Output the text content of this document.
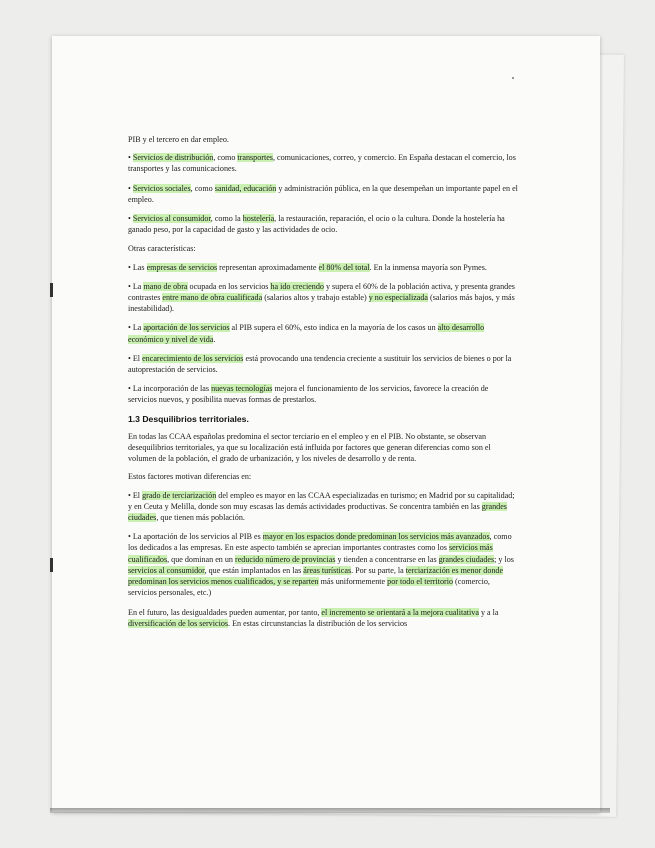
PIB y el tercero en dar empleo.

• Servicios de distribución, como transportes, comunicaciones, correo, y comercio. En España destacan el comercio, los transportes y las comunicaciones.

• Servicios sociales, como sanidad, educación y administración pública, en la que desempeñan un importante papel en el empleo.

• Servicios al consumidor, como la hostelería, la restauración, reparación, el ocio o la cultura. Donde la hostelería ha ganado peso, por la capacidad de gasto y las actividades de ocio.

Otras características:

• Las empresas de servicios representan aproximadamente el 80% del total. En la inmensa mayoría son Pymes.

• La mano de obra ocupada en los servicios ha ido creciendo y supera el 60% de la población activa, y presenta grandes contrastes entre mano de obra cualificada (salarios altos y trabajo estable) y no especializada (salarios más bajos, y más inestabilidad).

• La aportación de los servicios al PIB supera el 60%, esto indica en la mayoría de los casos un alto desarrollo económico y nivel de vida.

• El encarecimiento de los servicios está provocando una tendencia creciente a sustituir los servicios de bienes o por la autoprestación de servicios.

• La incorporación de las nuevas tecnologías mejora el funcionamiento de los servicios, favorece la creación de servicios nuevos, y posibilita nuevas formas de prestarlos.

1.3 Desquilibrios territoriales.

En todas las CCAA españolas predomina el sector terciario en el empleo y en el PIB. No obstante, se observan desequilibrios territoriales, ya que su localización está influida por factores que generan diferencias como son el volumen de la población, el grado de urbanización, y los niveles de desarrollo y de renta.

Estos factores motivan diferencias en:

• El grado de terciarización del empleo es mayor en las CCAA especializadas en turismo; en Madrid por su capitalidad; y en Ceuta y Melilla, donde son muy escasas las demás actividades productivas. Se concentra también en las grandes ciudades, que tienen más población.

• La aportación de los servicios al PIB es mayor en los espacios donde predominan los servicios más avanzados, como los dedicados a las empresas. En este aspecto también se aprecian importantes contrastes como los servicios más cualificados, que dominan en un reducido número de provincias y tienden a concentrarse en las grandes ciudades; y los servicios al consumidor, que están implantados en las áreas turísticas. Por su parte, la terciarización es menor donde predominan los servicios menos cualificados, y se reparten más uniformemente por todo el territorio (comercio, servicios personales, etc.)

En el futuro, las desigualdades pueden aumentar, por tanto, el incremento se orientará a la mejora cualitativa y a la diversificación de los servicios. En estas circunstancias la distribución de los servicios
